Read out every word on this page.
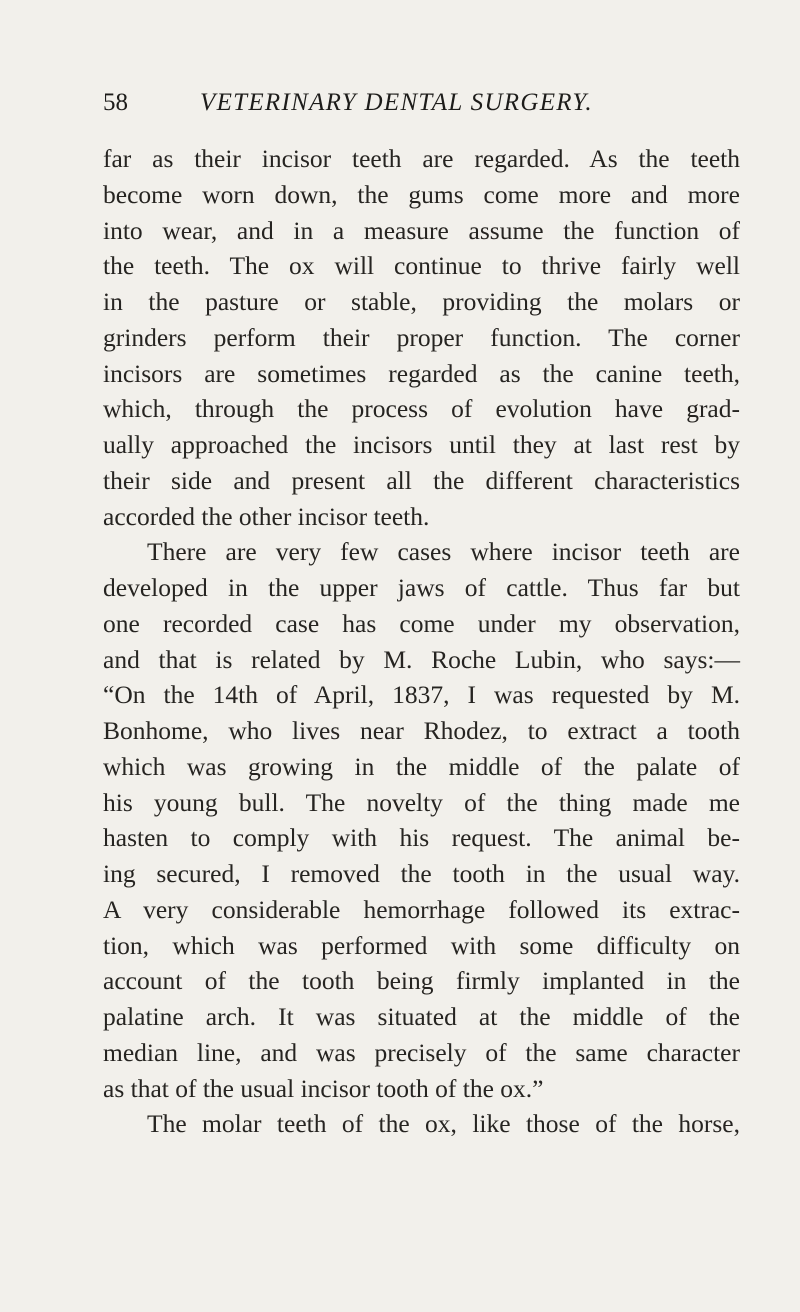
58	VETERINARY DENTAL SURGERY.
far as their incisor teeth are regarded. As the teeth
become worn down, the gums come more and more
into wear, and in a measure assume the function of
the teeth. The ox will continue to thrive fairly well
in the pasture or stable, providing the molars or
grinders perform their proper function. The corner
incisors are sometimes regarded as the canine teeth,
which, through the process of evolution have grad-
ually approached the incisors until they at last rest by
their side and present all the different characteristics
accorded the other incisor teeth.
There are very few cases where incisor teeth are
developed in the upper jaws of cattle. Thus far but
one recorded case has come under my observation,
and that is related by M. Roche Lubin, who says:—
“On the 14th of April, 1837, I was requested by M.
Bonhome, who lives near Rhodez, to extract a tooth
which was growing in the middle of the palate of
his young bull. The novelty of the thing made me
hasten to comply with his request. The animal be-
ing secured, I removed the tooth in the usual way.
A very considerable hemorrhage followed its extrac-
tion, which was performed with some difficulty on
account of the tooth being firmly implanted in the
palatine arch. It was situated at the middle of the
median line, and was precisely of the same character
as that of the usual incisor tooth of the ox.”
The molar teeth of the ox, like those of the horse,
